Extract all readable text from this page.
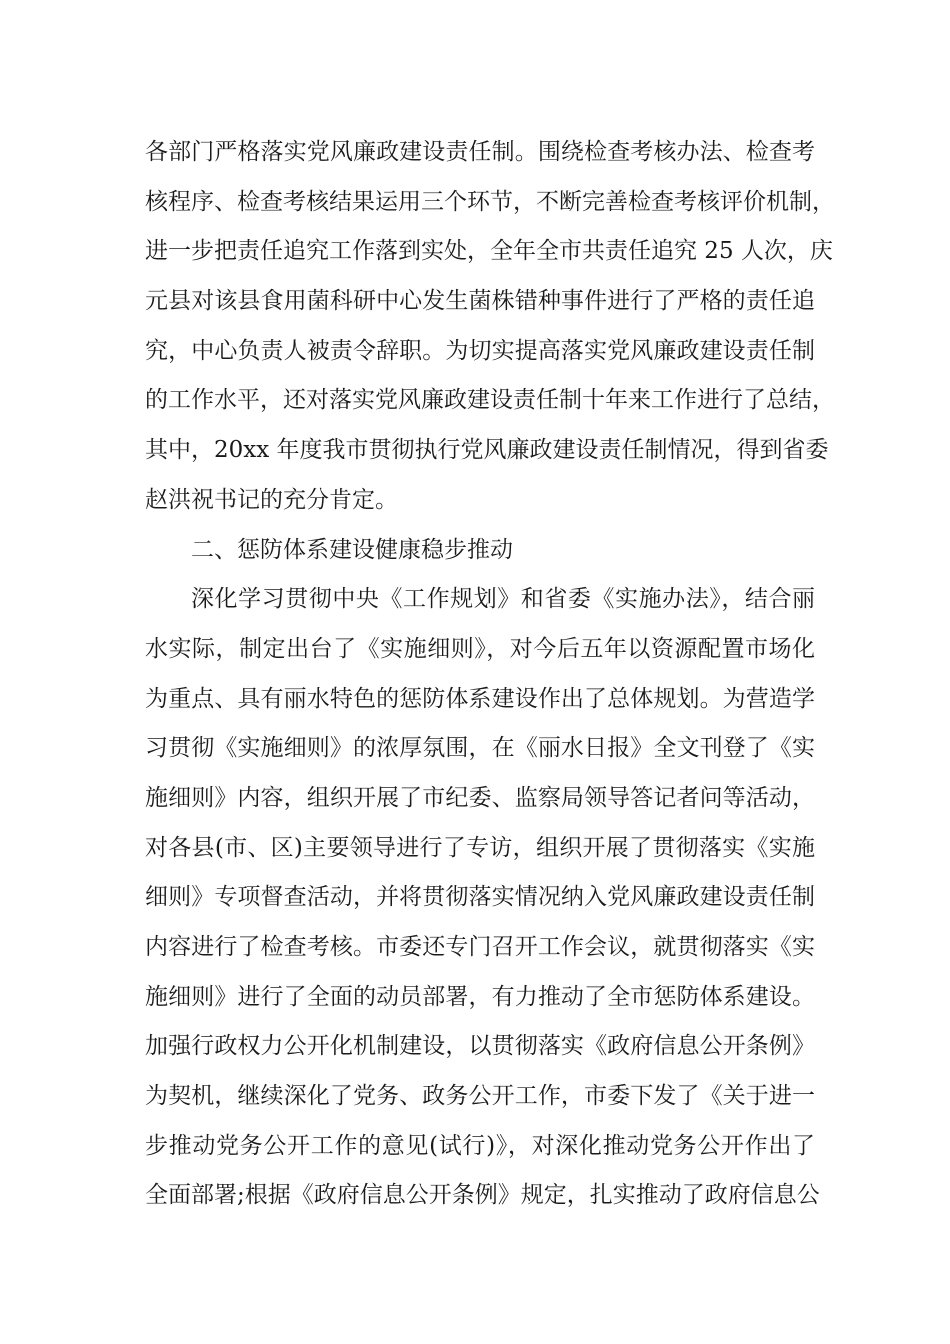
各部门严格落实党风廉政建设责任制。围绕检查考核办法、检查考
核程序、检查考核结果运用三个环节，不断完善检查考核评价机制，
进一步把责任追究工作落到实处，全年全市共责任追究 25 人次，庆
元县对该县食用菌科研中心发生菌株错种事件进行了严格的责任追
究，中心负责人被责令辞职。为切实提高落实党风廉政建设责任制
的工作水平，还对落实党风廉政建设责任制十年来工作进行了总结，
其中，20xx 年度我市贯彻执行党风廉政建设责任制情况，得到省委
赵洪祝书记的充分肯定。
二、惩防体系建设健康稳步推动
深化学习贯彻中央《工作规划》和省委《实施办法》，结合丽
水实际，制定出台了《实施细则》，对今后五年以资源配置市场化
为重点、具有丽水特色的惩防体系建设作出了总体规划。为营造学
习贯彻《实施细则》的浓厚氛围，在《丽水日报》全文刊登了《实
施细则》内容，组织开展了市纪委、监察局领导答记者问等活动，
对各县(市、区)主要领导进行了专访，组织开展了贯彻落实《实施
细则》专项督查活动，并将贯彻落实情况纳入党风廉政建设责任制
内容进行了检查考核。市委还专门召开工作会议，就贯彻落实《实
施细则》进行了全面的动员部署，有力推动了全市惩防体系建设。
加强行政权力公开化机制建设，以贯彻落实《政府信息公开条例》
为契机，继续深化了党务、政务公开工作，市委下发了《关于进一
步推动党务公开工作的意见(试行)》，对深化推动党务公开作出了
全面部署;根据《政府信息公开条例》规定，扎实推动了政府信息公
